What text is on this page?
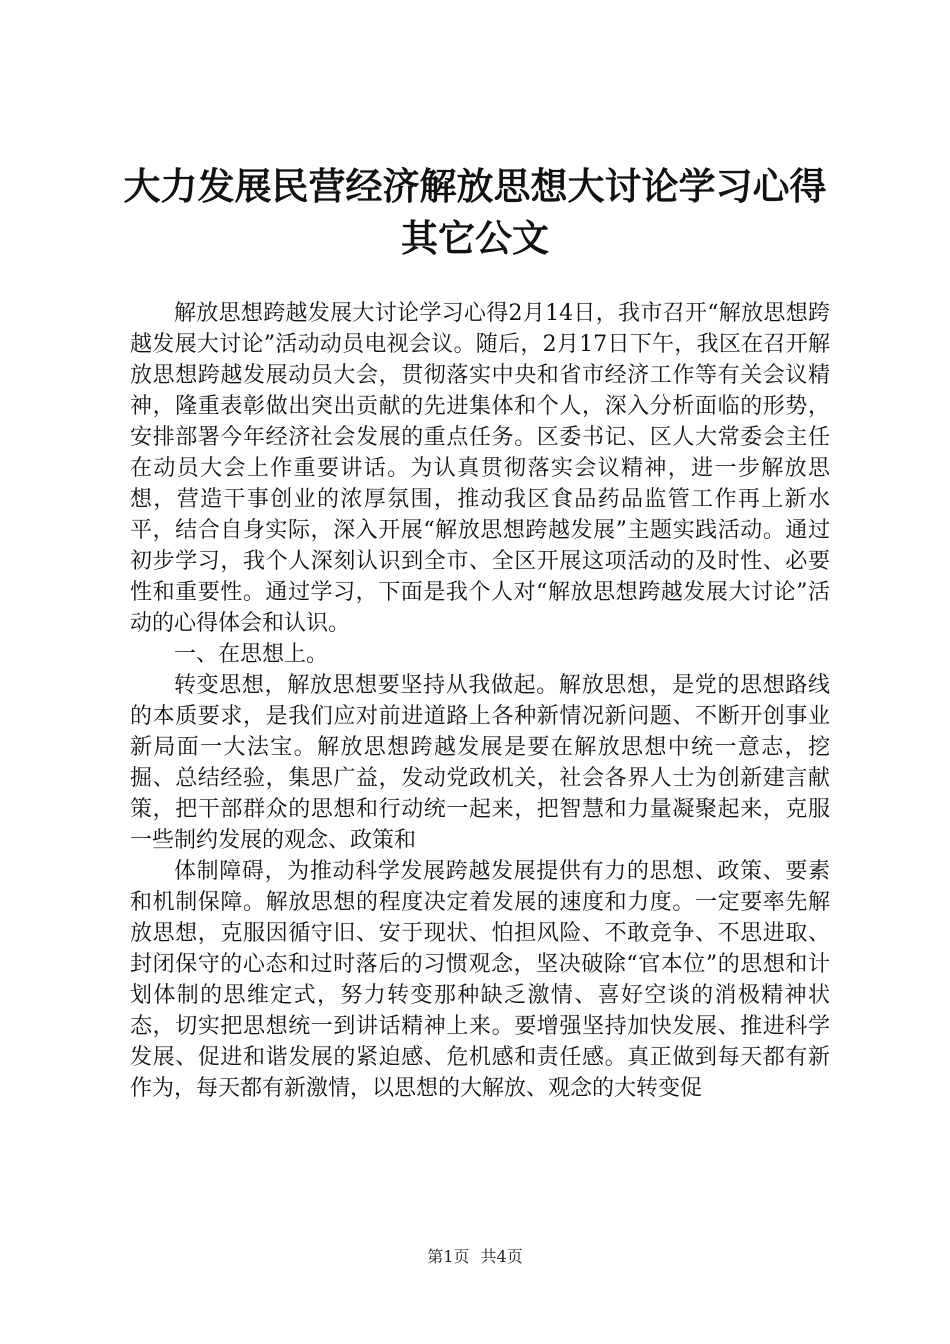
大力发展民营经济解放思想大讨论学习心得其它公文

解放思想跨越发展大讨论学习心得2月14日，我市召开“解放思想跨越发展大讨论”活动动员电视会议。随后，2月17日下午，我区在召开解放思想跨越发展动员大会，贯彻落实中央和省市经济工作等有关会议精神，隆重表彰做出突出贡献的先进集体和个人，深入分析面临的形势，安排部署今年经济社会发展的重点任务。区委书记、区人大常委会主任在动员大会上作重要讲话。为认真贯彻落实会议精神，进一步解放思想，营造干事创业的浓厚氛围，推动我区食品药品监管工作再上新水平，结合自身实际，深入开展“解放思想跨越发展”主题实践活动。通过初步学习，我个人深刻认识到全市、全区开展这项活动的及时性、必要性和重要性。通过学习，下面是我个人对“解放思想跨越发展大讨论”活动的心得体会和认识。

一、在思想上。

转变思想，解放思想要坚持从我做起。解放思想，是党的思想路线的本质要求，是我们应对前进道路上各种新情况新问题、不断开创事业新局面一大法宝。解放思想跨越发展是要在解放思想中统一意志，挖掘、总结经验，集思广益，发动党政机关，社会各界人士为创新建言献策，把干部群众的思想和行动统一起来，把智慧和力量凝聚起来，克服一些制约发展的观念、政策和

体制障碍，为推动科学发展跨越发展提供有力的思想、政策、要素和机制保障。解放思想的程度决定着发展的速度和力度。一定要率先解放思想，克服因循守旧、安于现状、怕担风险、不敢竞争、不思进取、封闭保守的心态和过时落后的习惯观念，坚决破除“官本位”的思想和计划体制的思维定式，努力转变那种缺乏激情、喜好空谈的消极精神状态，切实把思想统一到讲话精神上来。要增强坚持加快发展、推进科学发展、促进和谐发展的紧迫感、危机感和责任感。真正做到每天都有新作为，每天都有新激情，以思想的大解放、观念的大转变促

第1页 共4页
